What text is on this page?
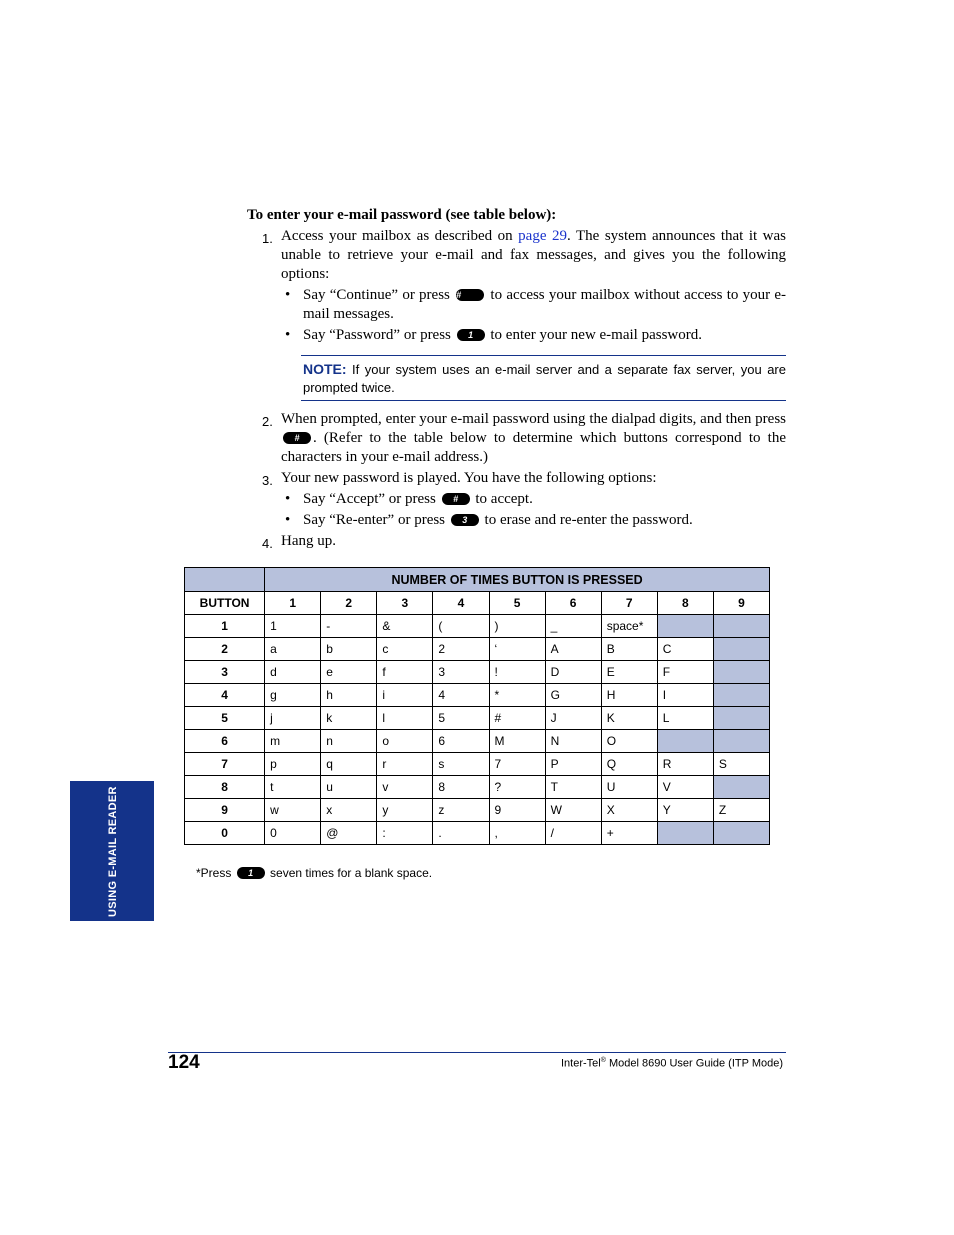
To enter your e-mail password (see table below):
1. Access your mailbox as described on page 29. The system announces that it was unable to retrieve your e-mail and fax messages, and gives you the following options:
• Say “Continue” or press # to access your mailbox without access to your e-mail messages.
• Say “Password” or press 1 to enter your new e-mail password.
NOTE: If your system uses an e-mail server and a separate fax server, you are prompted twice.
2. When prompted, enter your e-mail password using the dialpad digits, and then press # . (Refer to the table below to determine which buttons correspond to the characters in your e-mail address.)
3. Your new password is played. You have the following options:
• Say “Accept” or press # to accept.
• Say “Re-enter” or press 3 to erase and re-enter the password.
4. Hang up.
	NUMBER OF TIMES BUTTON IS PRESSED								
BUTTON	1	2	3	4	5	6	7	8	9
1	1	-	&	(	)	_	space*		
2	a	b	c	2	‘	A	B	C	
3	d	e	f	3	!	D	E	F	
4	g	h	i	4	*	G	H	I	
5	j	k	l	5	#	J	K	L	
6	m	n	o	6	M	N	O		
7	p	q	r	s	7	P	Q	R	S
8	t	u	v	8	?	T	U	V	
9	w	x	y	z	9	W	X	Y	Z
0	0	@	:	.	,	/	+		
*Press 1 seven times for a blank space.
USING E-MAIL READER
124	Inter-Tel® Model 8690 User Guide (ITP Mode)
